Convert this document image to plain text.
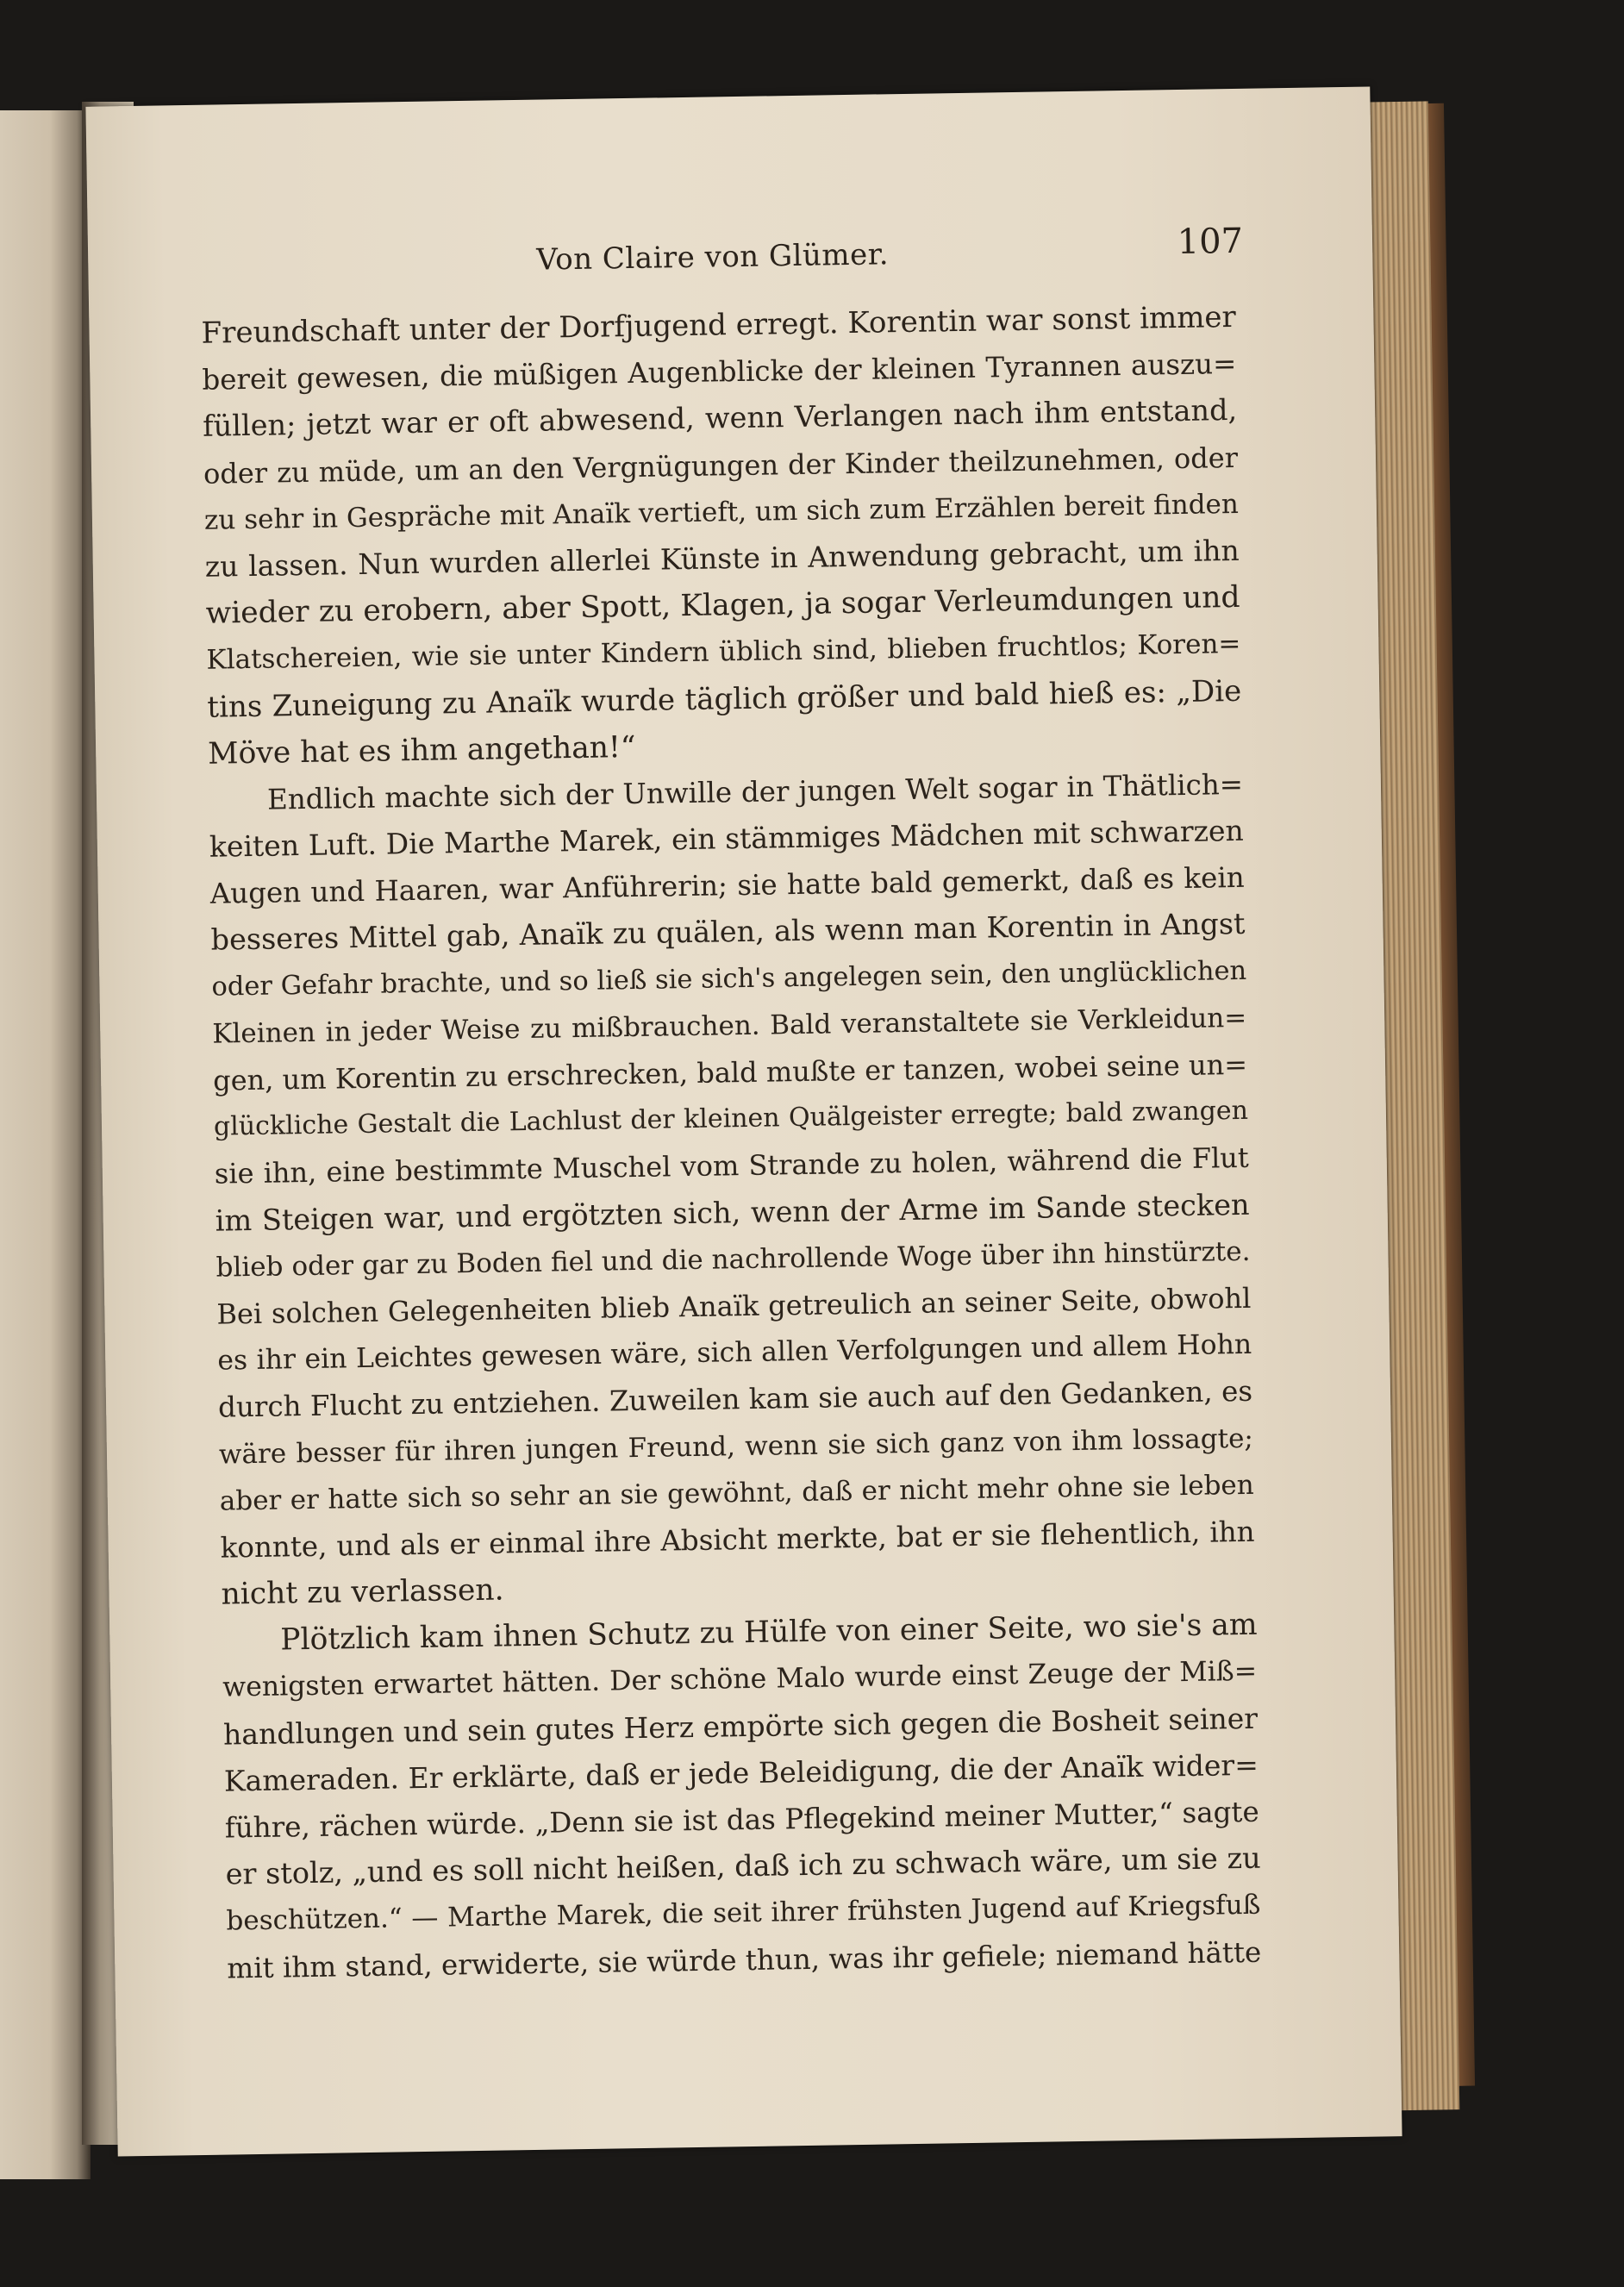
Von Claire von Glümer.	107
Freundschaft unter der Dorfjugend erregt. Korentin war sonst immer
bereit gewesen, die müßigen Augenblicke der kleinen Tyrannen auszu=
füllen; jetzt war er oft abwesend, wenn Verlangen nach ihm entstand,
oder zu müde, um an den Vergnügungen der Kinder theilzunehmen, oder
zu sehr in Gespräche mit Anaïk vertieft, um sich zum Erzählen bereit finden
zu lassen. Nun wurden allerlei Künste in Anwendung gebracht, um ihn
wieder zu erobern, aber Spott, Klagen, ja sogar Verleumdungen und
Klatschereien, wie sie unter Kindern üblich sind, blieben fruchtlos; Koren=
tins Zuneigung zu Anaïk wurde täglich größer und bald hieß es: „Die
Möve hat es ihm angethan!“
Endlich machte sich der Unwille der jungen Welt sogar in Thätlich=
keiten Luft. Die Marthe Marek, ein stämmiges Mädchen mit schwarzen
Augen und Haaren, war Anführerin; sie hatte bald gemerkt, daß es kein
besseres Mittel gab, Anaïk zu quälen, als wenn man Korentin in Angst
oder Gefahr brachte, und so ließ sie sich's angelegen sein, den unglücklichen
Kleinen in jeder Weise zu mißbrauchen. Bald veranstaltete sie Verkleidun=
gen, um Korentin zu erschrecken, bald mußte er tanzen, wobei seine un=
glückliche Gestalt die Lachlust der kleinen Quälgeister erregte; bald zwangen
sie ihn, eine bestimmte Muschel vom Strande zu holen, während die Flut
im Steigen war, und ergötzten sich, wenn der Arme im Sande stecken
blieb oder gar zu Boden fiel und die nachrollende Woge über ihn hinstürzte.
Bei solchen Gelegenheiten blieb Anaïk getreulich an seiner Seite, obwohl
es ihr ein Leichtes gewesen wäre, sich allen Verfolgungen und allem Hohn
durch Flucht zu entziehen. Zuweilen kam sie auch auf den Gedanken, es
wäre besser für ihren jungen Freund, wenn sie sich ganz von ihm lossagte;
aber er hatte sich so sehr an sie gewöhnt, daß er nicht mehr ohne sie leben
konnte, und als er einmal ihre Absicht merkte, bat er sie flehentlich, ihn
nicht zu verlassen.
Plötzlich kam ihnen Schutz zu Hülfe von einer Seite, wo sie's am
wenigsten erwartet hätten. Der schöne Malo wurde einst Zeuge der Miß=
handlungen und sein gutes Herz empörte sich gegen die Bosheit seiner
Kameraden. Er erklärte, daß er jede Beleidigung, die der Anaïk wider=
führe, rächen würde. „Denn sie ist das Pflegekind meiner Mutter,“ sagte
er stolz, „und es soll nicht heißen, daß ich zu schwach wäre, um sie zu
beschützen.“ — Marthe Marek, die seit ihrer frühsten Jugend auf Kriegsfuß
mit ihm stand, erwiderte, sie würde thun, was ihr gefiele; niemand hätte
